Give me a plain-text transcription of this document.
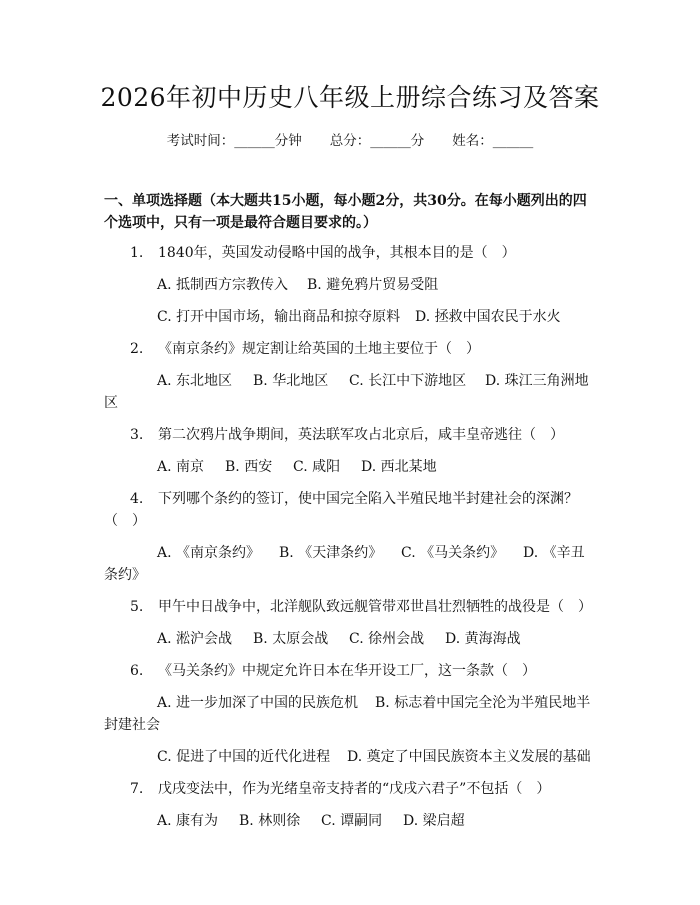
2026年初中历史八年级上册综合练习及答案
考试时间：______分钟 总分：______分 姓名：______
一、单项选择题（本大题共15小题，每小题2分，共30分。在每小题列出的四
个选项中，只有一项是最符合题目要求的。）
1. 1840年，英国发动侵略中国的战争，其根本目的是（　）
A. 抵制西方宗教传入 B. 避免鸦片贸易受阻
C. 打开中国市场，输出商品和掠夺原料 D. 拯救中国农民于水火
2. 《南京条约》规定割让给英国的土地主要位于（　）
A. 东北地区 B. 华北地区 C. 长江中下游地区 D. 珠江三角洲地
区
3. 第二次鸦片战争期间，英法联军攻占北京后，咸丰皇帝逃往（　）
A. 南京 B. 西安 C. 咸阳 D. 西北某地
4. 下列哪个条约的签订，使中国完全陷入半殖民地半封建社会的深渊？
（　）
A. 《南京条约》 B. 《天津条约》 C. 《马关条约》 D. 《辛丑
条约》
5. 甲午中日战争中，北洋舰队致远舰管带邓世昌壮烈牺牲的战役是（　）
A. 淞沪会战 B. 太原会战 C. 徐州会战 D. 黄海海战
6. 《马关条约》中规定允许日本在华开设工厂，这一条款（　）
A. 进一步加深了中国的民族危机 B. 标志着中国完全沦为半殖民地半
封建社会
C. 促进了中国的近代化进程 D. 奠定了中国民族资本主义发展的基础
7. 戊戌变法中，作为光绪皇帝支持者的“戊戌六君子”不包括（　）
A. 康有为 B. 林则徐 C. 谭嗣同 D. 梁启超
